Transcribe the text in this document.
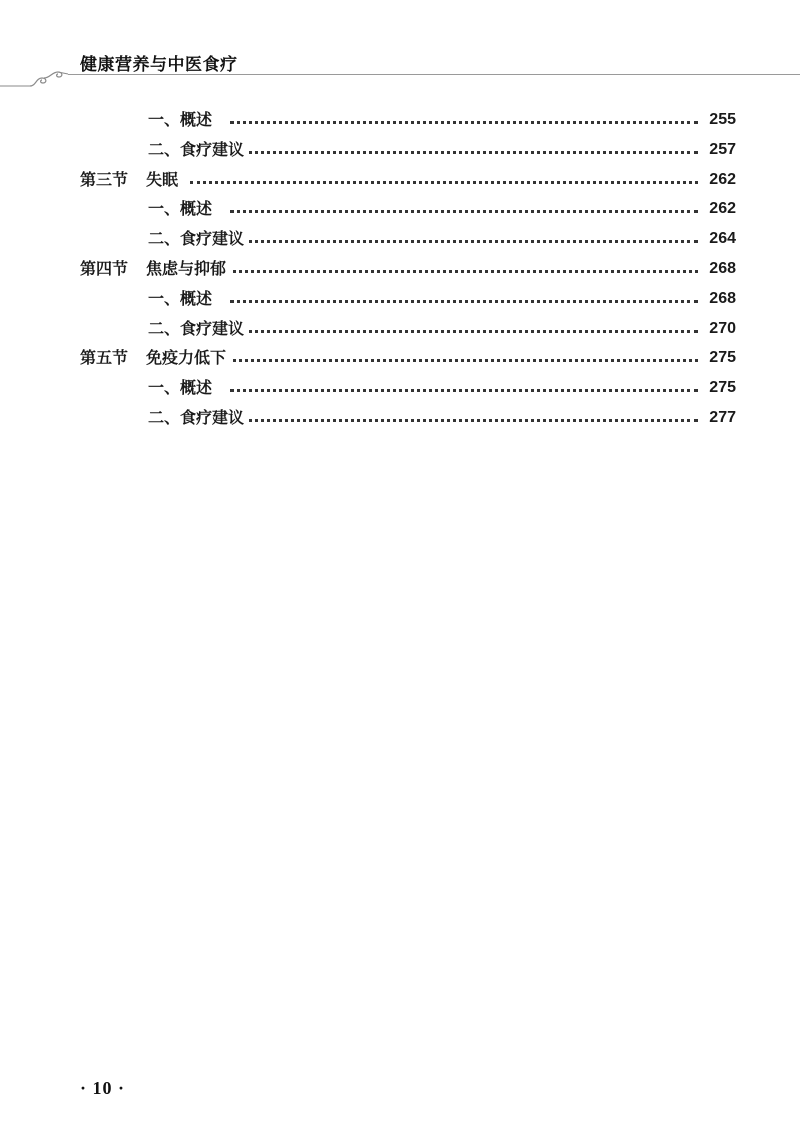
健康营养与中医食疗
一、概述	255
二、食疗建议	257
第三节 失眠	262
一、概述	262
二、食疗建议	264
第四节 焦虑与抑郁	268
一、概述	268
二、食疗建议	270
第五节 免疫力低下	275
一、概述	275
二、食疗建议	277
· 10 ·
